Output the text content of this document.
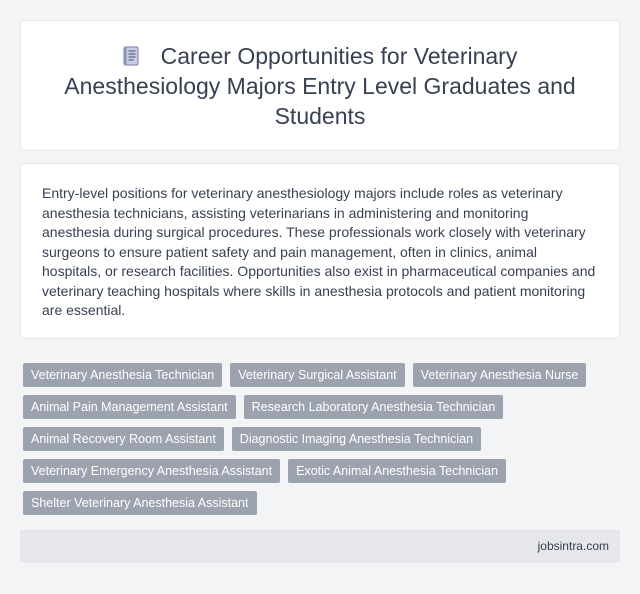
Career Opportunities for Veterinary Anesthesiology Majors Entry Level Graduates and Students

Entry-level positions for veterinary anesthesiology majors include roles as veterinary anesthesia technicians, assisting veterinarians in administering and monitoring anesthesia during surgical procedures. These professionals work closely with veterinary surgeons to ensure patient safety and pain management, often in clinics, animal hospitals, or research facilities. Opportunities also exist in pharmaceutical companies and veterinary teaching hospitals where skills in anesthesia protocols and patient monitoring are essential.

Veterinary Anesthesia Technician	Veterinary Surgical Assistant	Veterinary Anesthesia Nurse
Animal Pain Management Assistant	Research Laboratory Anesthesia Technician
Animal Recovery Room Assistant	Diagnostic Imaging Anesthesia Technician
Veterinary Emergency Anesthesia Assistant	Exotic Animal Anesthesia Technician
Shelter Veterinary Anesthesia Assistant
jobsintra.com
